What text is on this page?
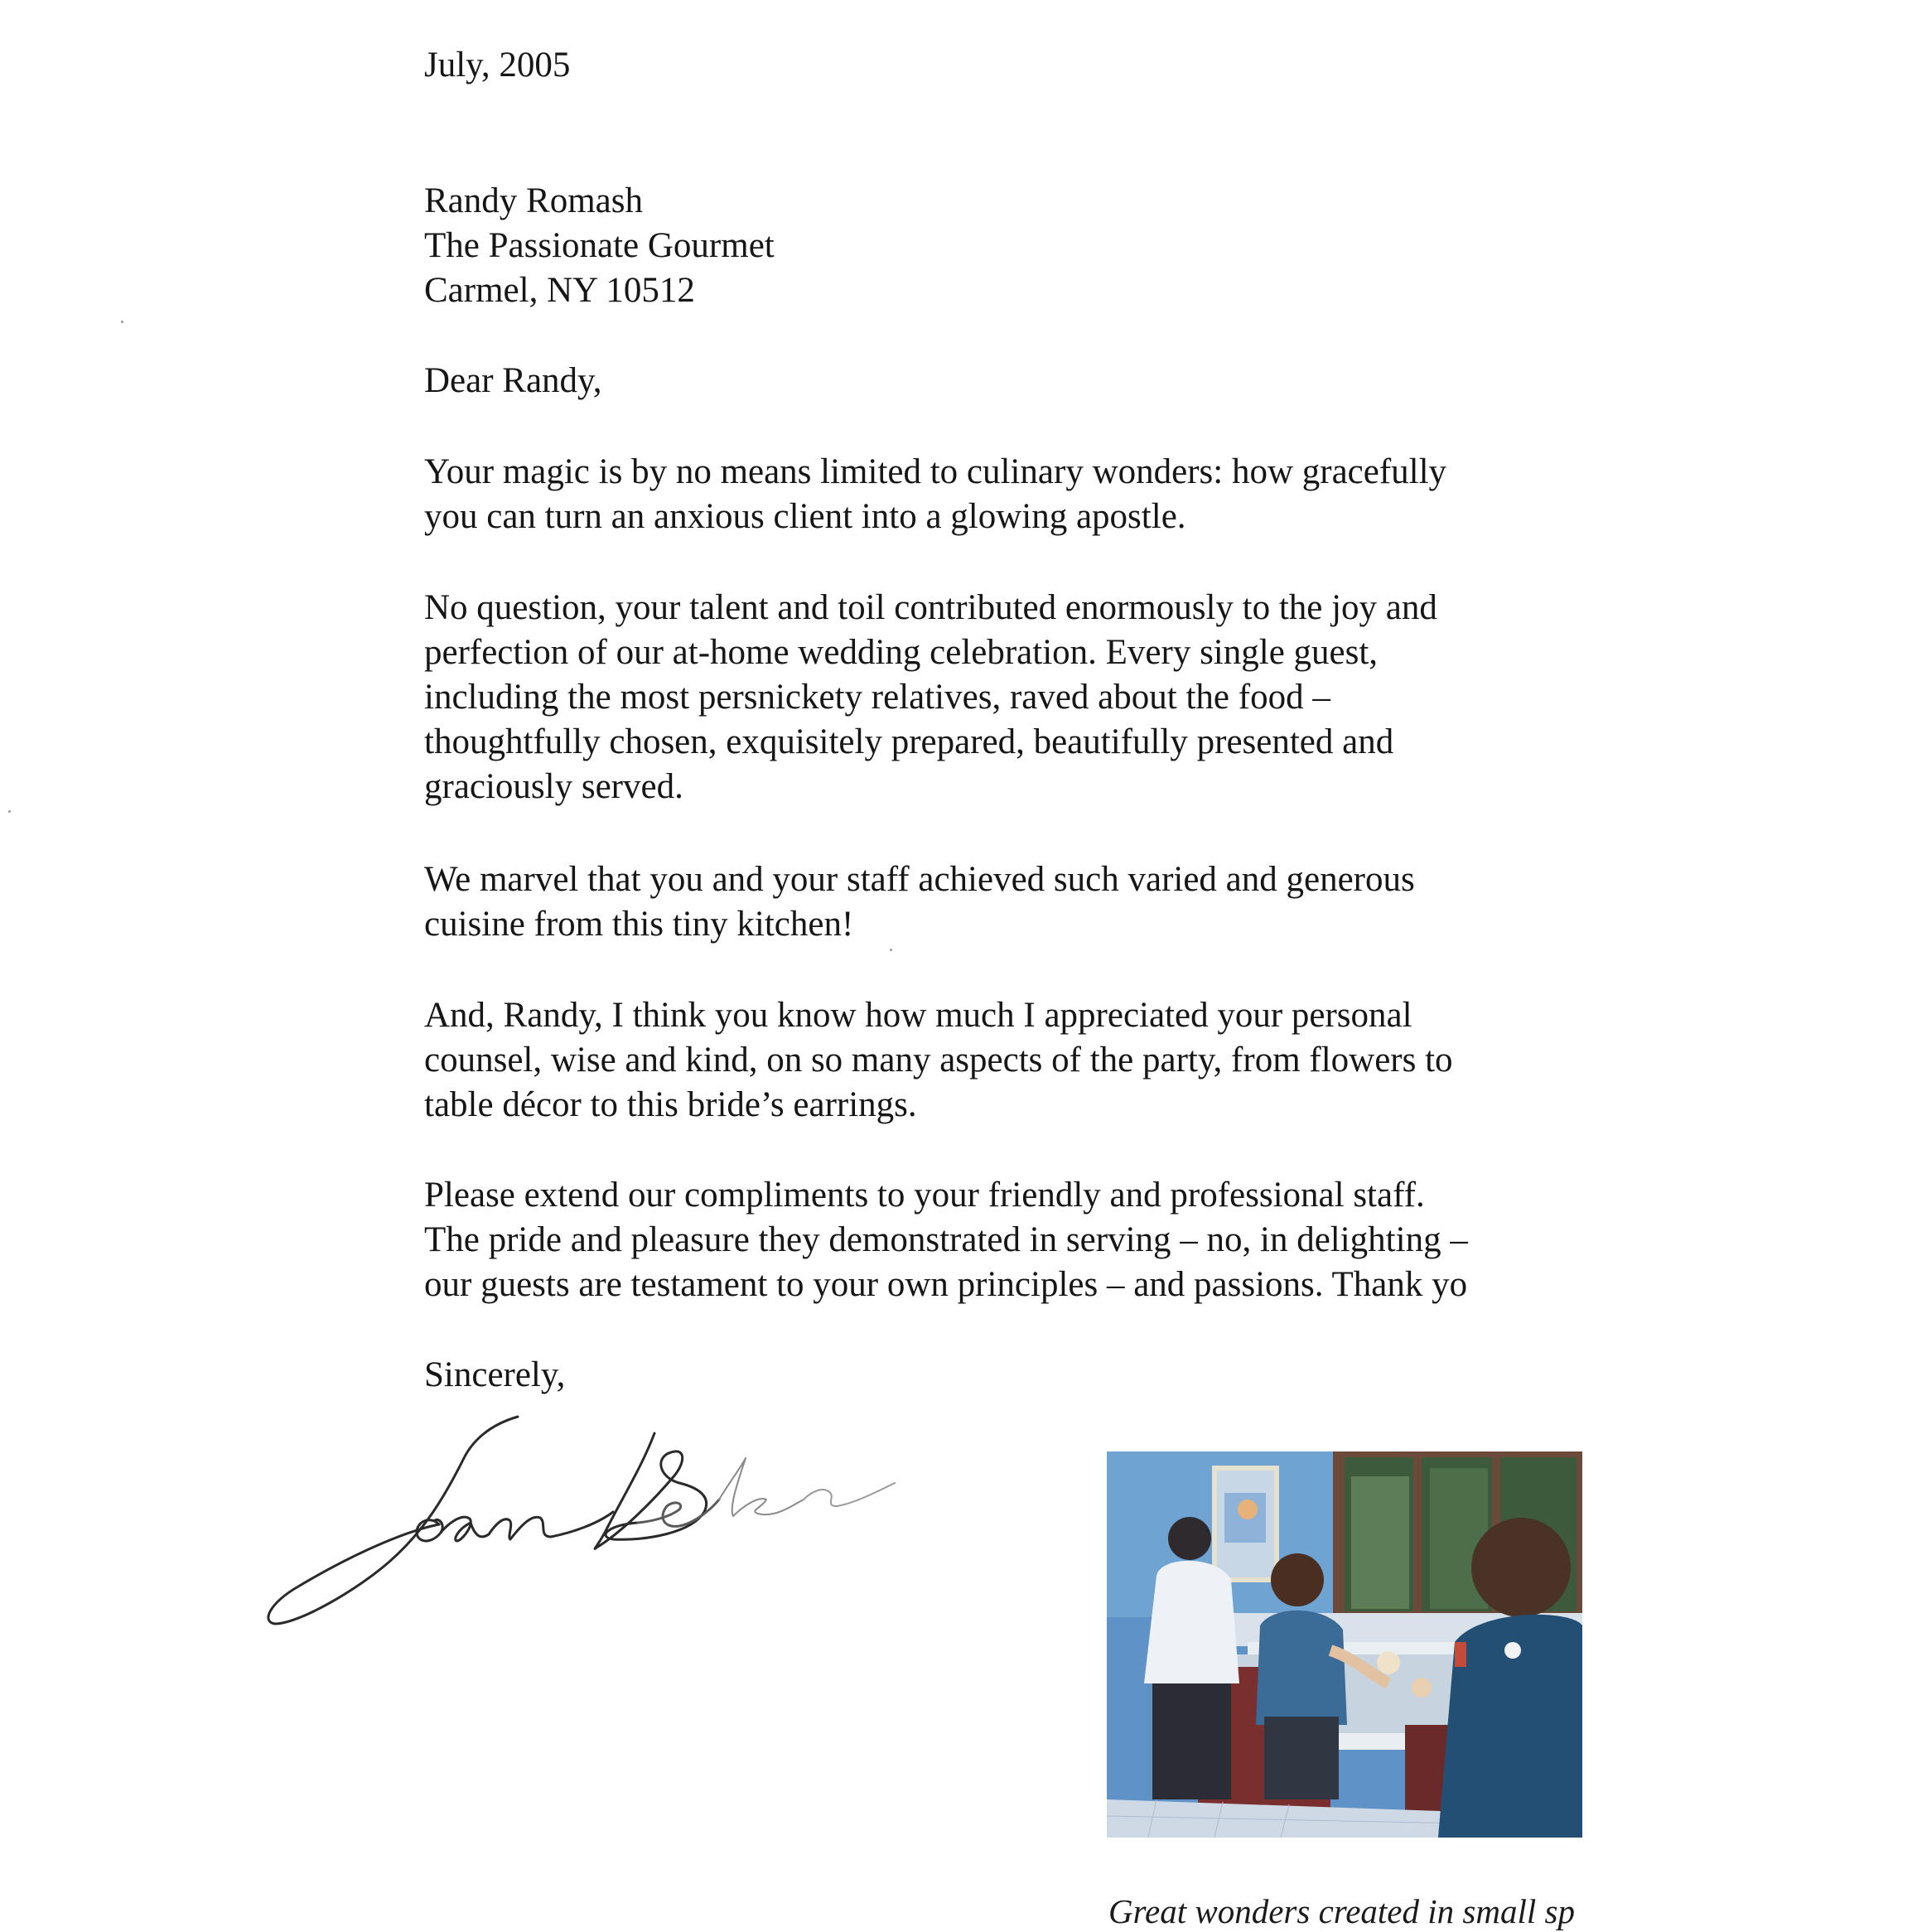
July, 2005
Randy Romash
The Passionate Gourmet
Carmel, NY 10512
Dear Randy,
Your magic is by no means limited to culinary wonders: how gracefully
you can turn an anxious client into a glowing apostle.
No question, your talent and toil contributed enormously to the joy and
perfection of our at-home wedding celebration. Every single guest,
including the most persnickety relatives, raved about the food –
thoughtfully chosen, exquisitely prepared, beautifully presented and
graciously served.
We marvel that you and your staff achieved such varied and generous
cuisine from this tiny kitchen!
And, Randy, I think you know how much I appreciated your personal
counsel, wise and kind, on so many aspects of the party, from flowers to
table décor to this bride’s earrings.
Please extend our compliments to your friendly and professional staff.
The pride and pleasure they demonstrated in serving – no, in delighting –
our guests are testament to your own principles – and passions. Thank yo
Sincerely,
Great wonders created in small sp
